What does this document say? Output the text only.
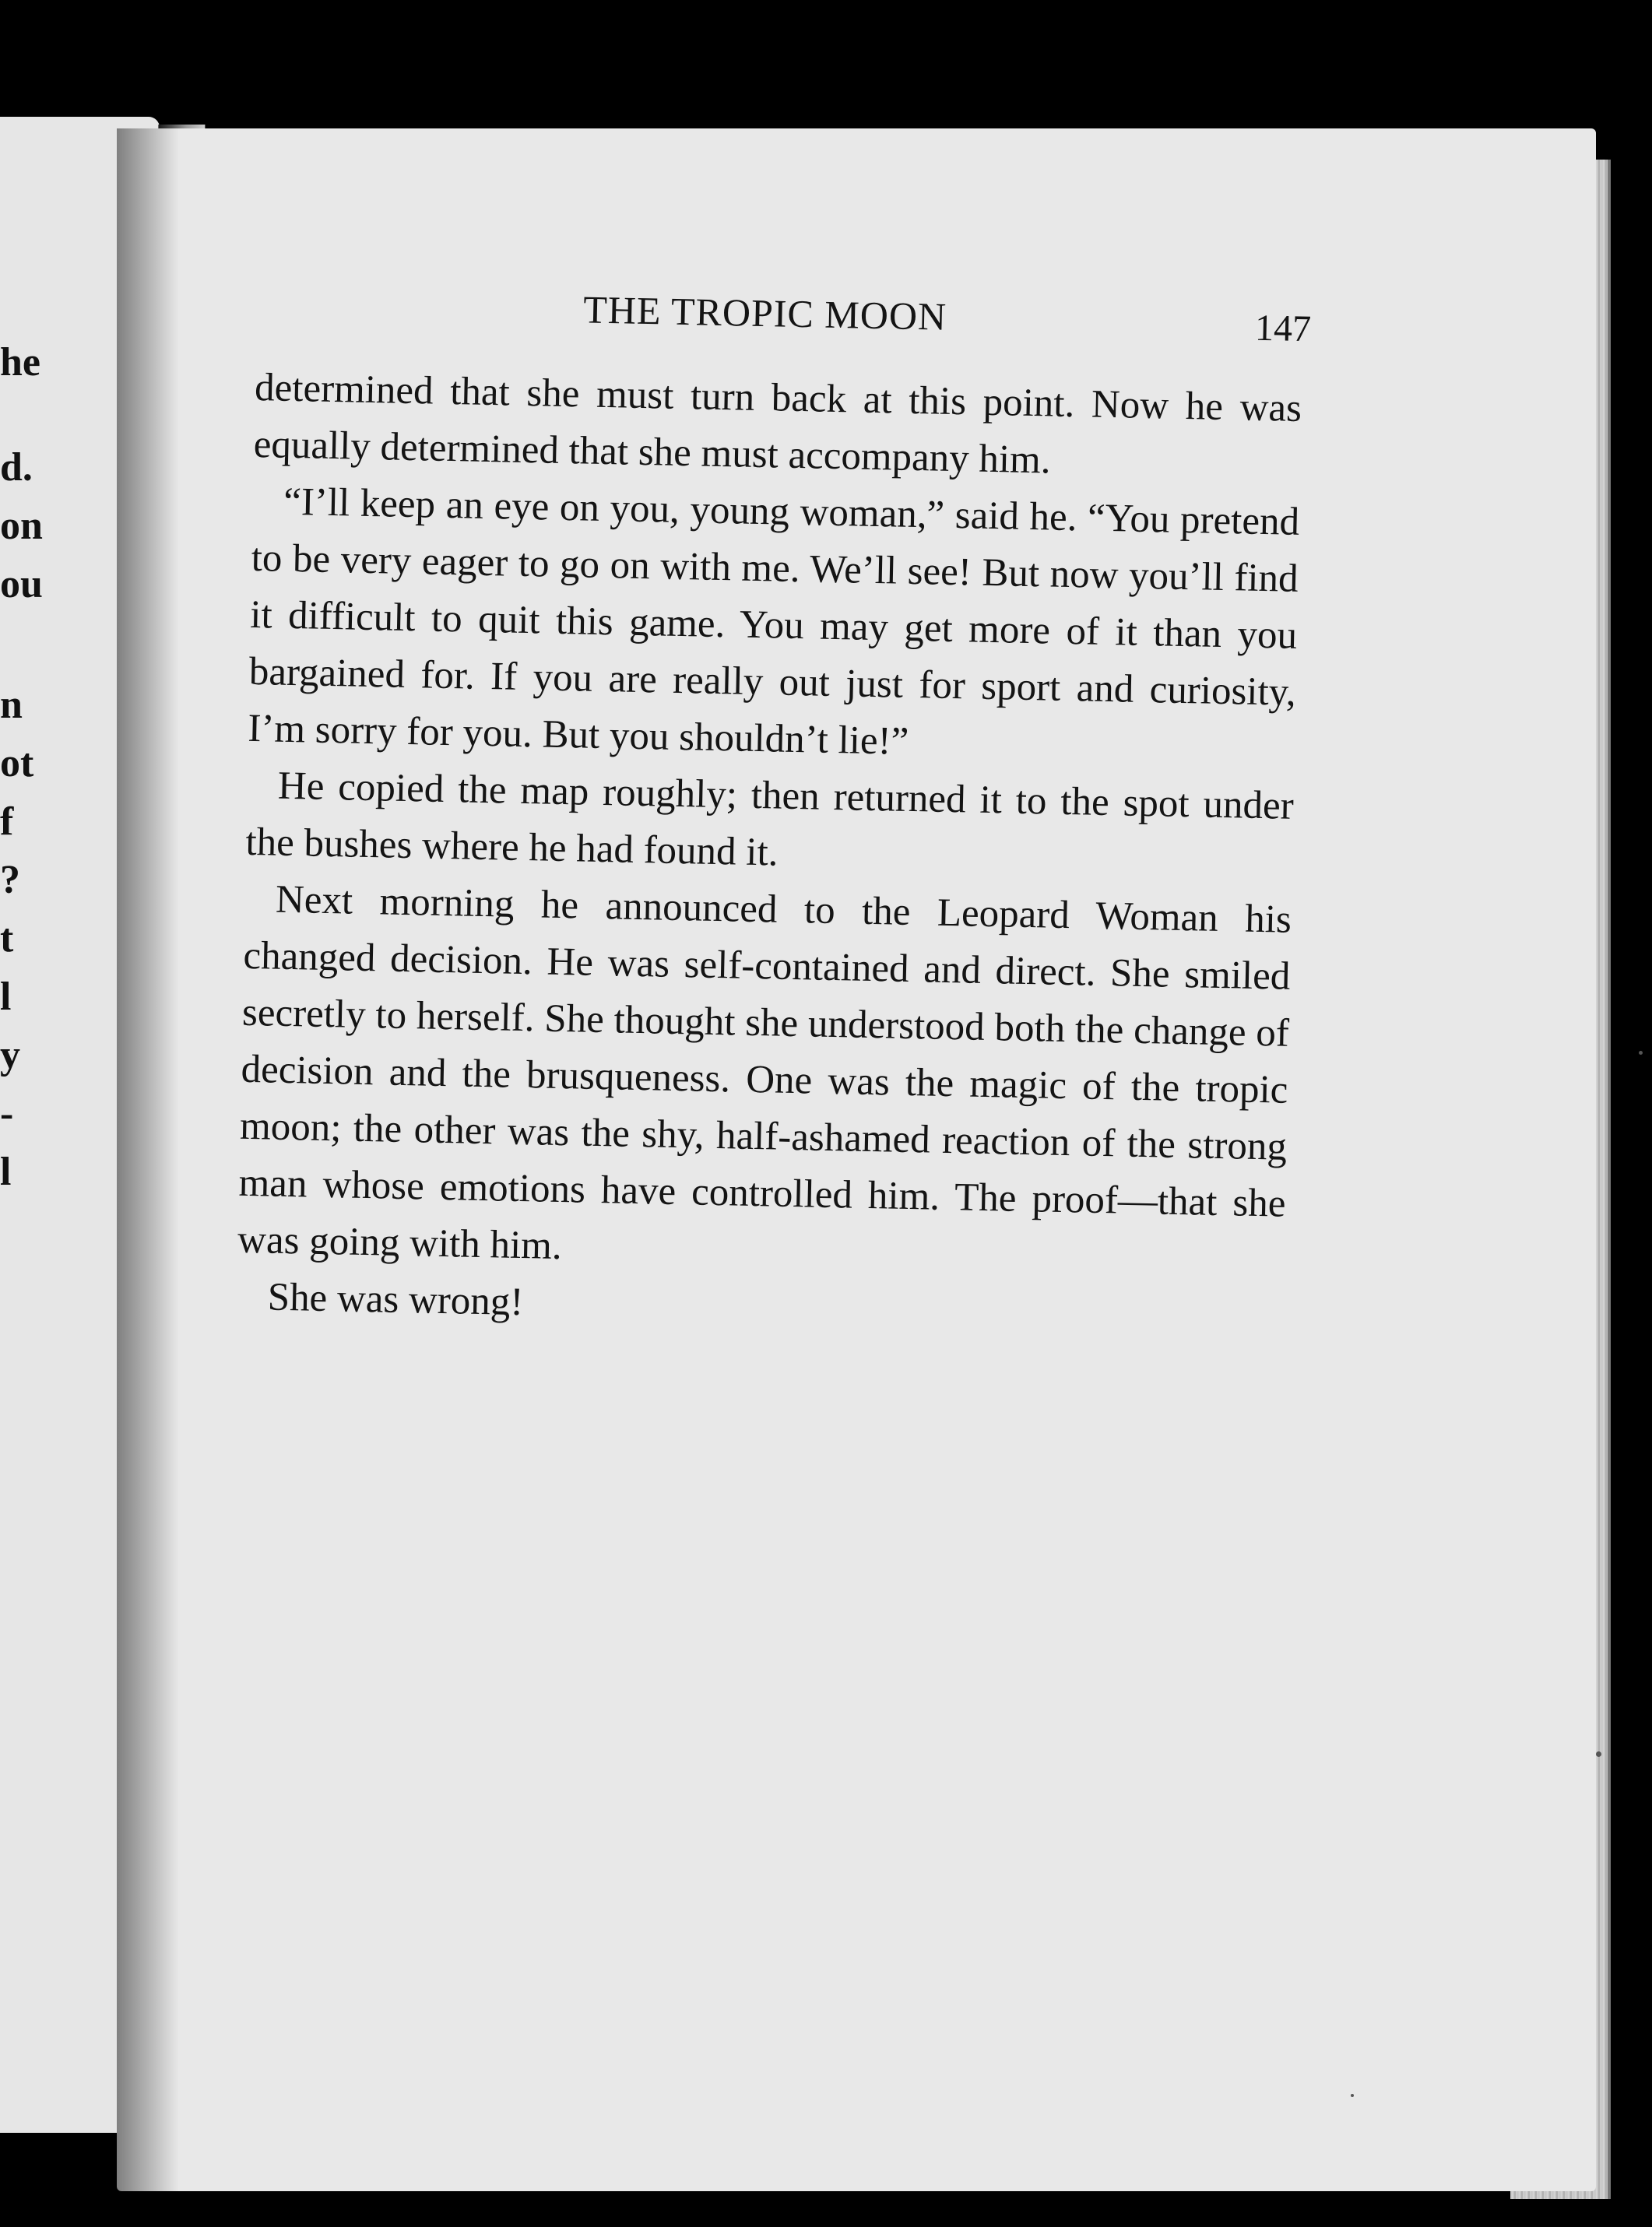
he
d.
on
ou
n
ot
f
?
t
l
y
-
l
THE TROPIC MOON	147

determined that she must turn back at this point. Now he was equally determined that she must accompany him.

“I’ll keep an eye on you, young woman,” said he. “You pretend to be very eager to go on with me. We’ll see! But now you’ll find it difficult to quit this game. You may get more of it than you bargained for. If you are really out just for sport and curiosity, I’m sorry for you. But you shouldn’t lie!”

He copied the map roughly; then returned it to the spot under the bushes where he had found it.

Next morning he announced to the Leopard Woman his changed decision. He was self-contained and direct. She smiled secretly to herself. She thought she understood both the change of decision and the brusqueness. One was the magic of the tropic moon; the other was the shy, half-ashamed reaction of the strong man whose emotions have controlled him. The proof—that she was going with him.

She was wrong!
